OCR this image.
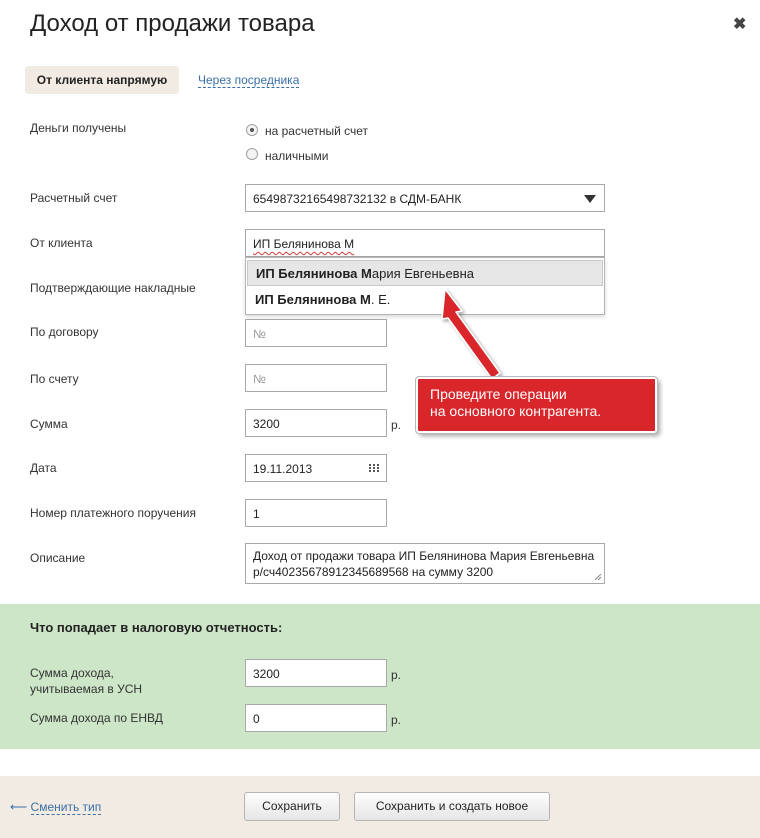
Доход от продажи товара	✖
От клиента напрямую	Через посредника
Деньги получены	на расчетный счет
наличными
Расчетный счет	65498732165498732132 в СДМ-БАНК
От клиента	ИП Белянинова М
Подтверждающие накладные
По договору	№
По счету	№
Сумма	3200	р.
Дата	19.11.2013
Номер платежного поручения	1
Описание	Доход от продажи товара ИП Белянинова Мария Евгеньевна р/сч40235678912345689568 на сумму 3200
Что попадает в налоговую отчетность:
Сумма дохода,
учитываемая в УСН
3200	р.
Сумма дохода по ЕНВД	0	р.
⟵ Сменить тип	Сохранить	Сохранить и создать новое
ИП Белянинова Мария Евгеньевна
ИП Белянинова М. Е.
Проведите операции
на основного контрагента.
